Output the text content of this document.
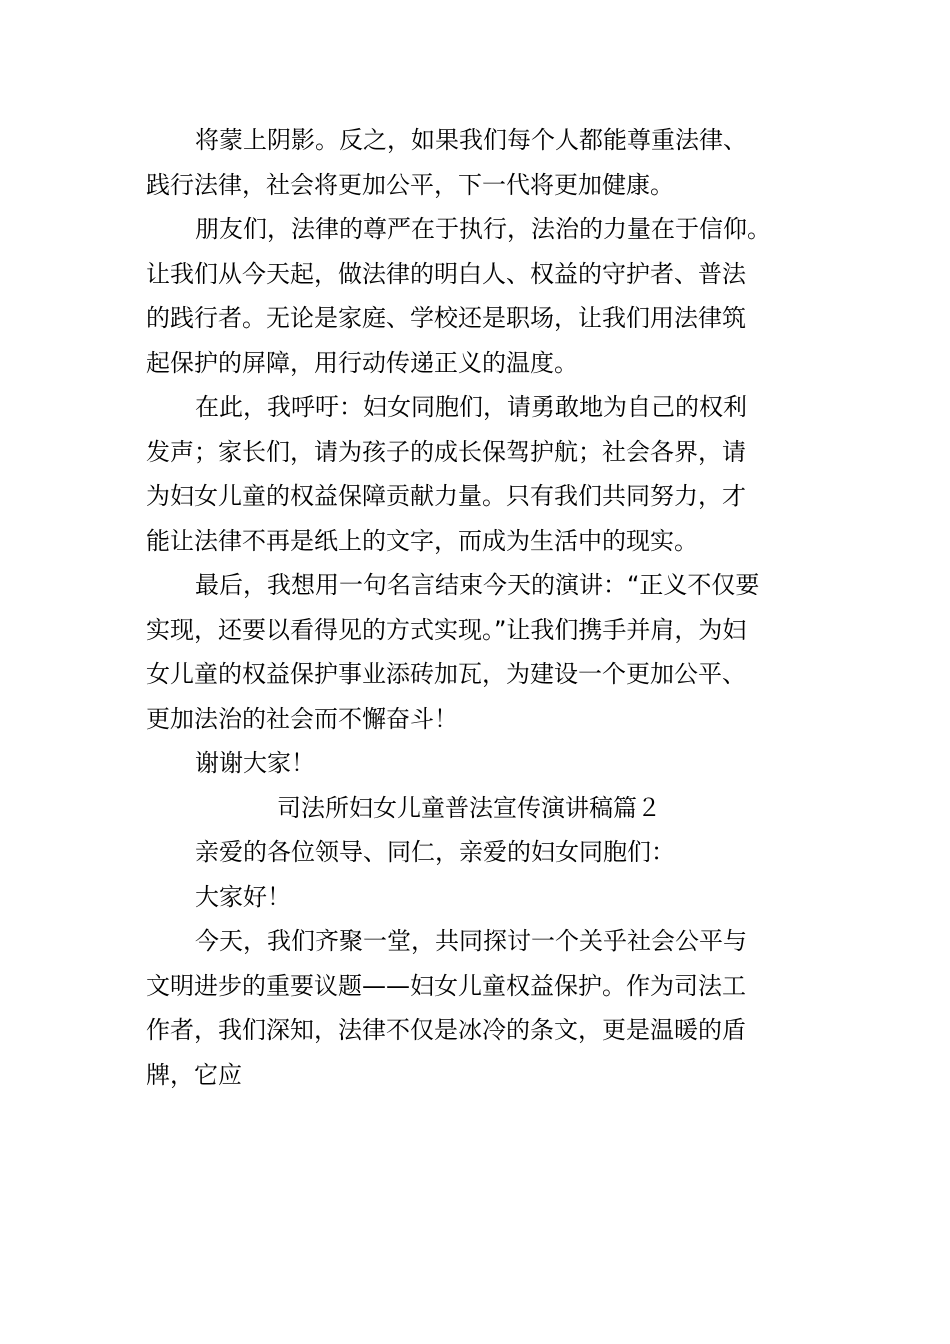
将蒙上阴影。反之，如果我们每个人都能尊重法律、
践行法律，社会将更加公平，下一代将更加健康。
朋友们，法律的尊严在于执行，法治的力量在于信仰。
让我们从今天起，做法律的明白人、权益的守护者、普法
的践行者。无论是家庭、学校还是职场，让我们用法律筑
起保护的屏障，用行动传递正义的温度。
在此，我呼吁：妇女同胞们，请勇敢地为自己的权利
发声；家长们，请为孩子的成长保驾护航；社会各界，请
为妇女儿童的权益保障贡献力量。只有我们共同努力，才
能让法律不再是纸上的文字，而成为生活中的现实。
最后，我想用一句名言结束今天的演讲：“正义不仅要
实现，还要以看得见的方式实现。”让我们携手并肩，为妇
女儿童的权益保护事业添砖加瓦，为建设一个更加公平、
更加法治的社会而不懈奋斗！
谢谢大家！
司法所妇女儿童普法宣传演讲稿篇２
亲爱的各位领导、同仁，亲爱的妇女同胞们：
大家好！
今天，我们齐聚一堂，共同探讨一个关乎社会公平与
文明进步的重要议题——妇女儿童权益保护。作为司法工
作者，我们深知，法律不仅是冰冷的条文，更是温暖的盾
牌，它应
